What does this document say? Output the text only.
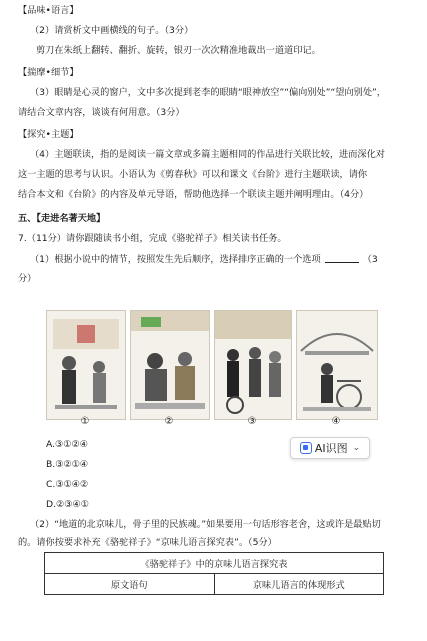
【品味•语言】
（2）请赏析文中画横线的句子。（3分）
剪刀在朱纸上翻转、翻折、旋转，银刃一次次精准地裁出一道道印记。
【揣摩•细节】
（3）眼睛是心灵的窗户，文中多次提到老李的眼睛“眼神放空”“偏向别处”“望向别处”，
请结合文章内容，谈谈有何用意。（3分）
【探究•主题】
（4）主题联读，指的是阅读一篇文章或多篇主题相同的作品进行关联比较，进而深化对
这一主题的思考与认识。小语认为《剪春秋》可以和课文《台阶》进行主题联读，请你
结合本文和《台阶》的内容及单元导语，帮助他选择一个联读主题并阐明理由。（4分）
五、【走进名著天地】
7.（11分）请你跟随读书小组，完成《骆驼祥子》相关读书任务。
（1）根据小说中的情节，按照发生先后顺序，选择排序正确的一个选项	（3
分）
①	②	③	④
A.③①②④
B.③②①④
C.③①④②
D.②③④①
AI识图 ⌄
（2）“地道的北京味儿，骨子里的民族魂。”如果要用一句话形容老舍，这或许是最贴切
的。请你按要求补充《骆驼祥子》“京味儿语言探究表”。（5分）
《骆驼祥子》中的京味儿语言探究表
原文语句	京味儿语言的体现形式
